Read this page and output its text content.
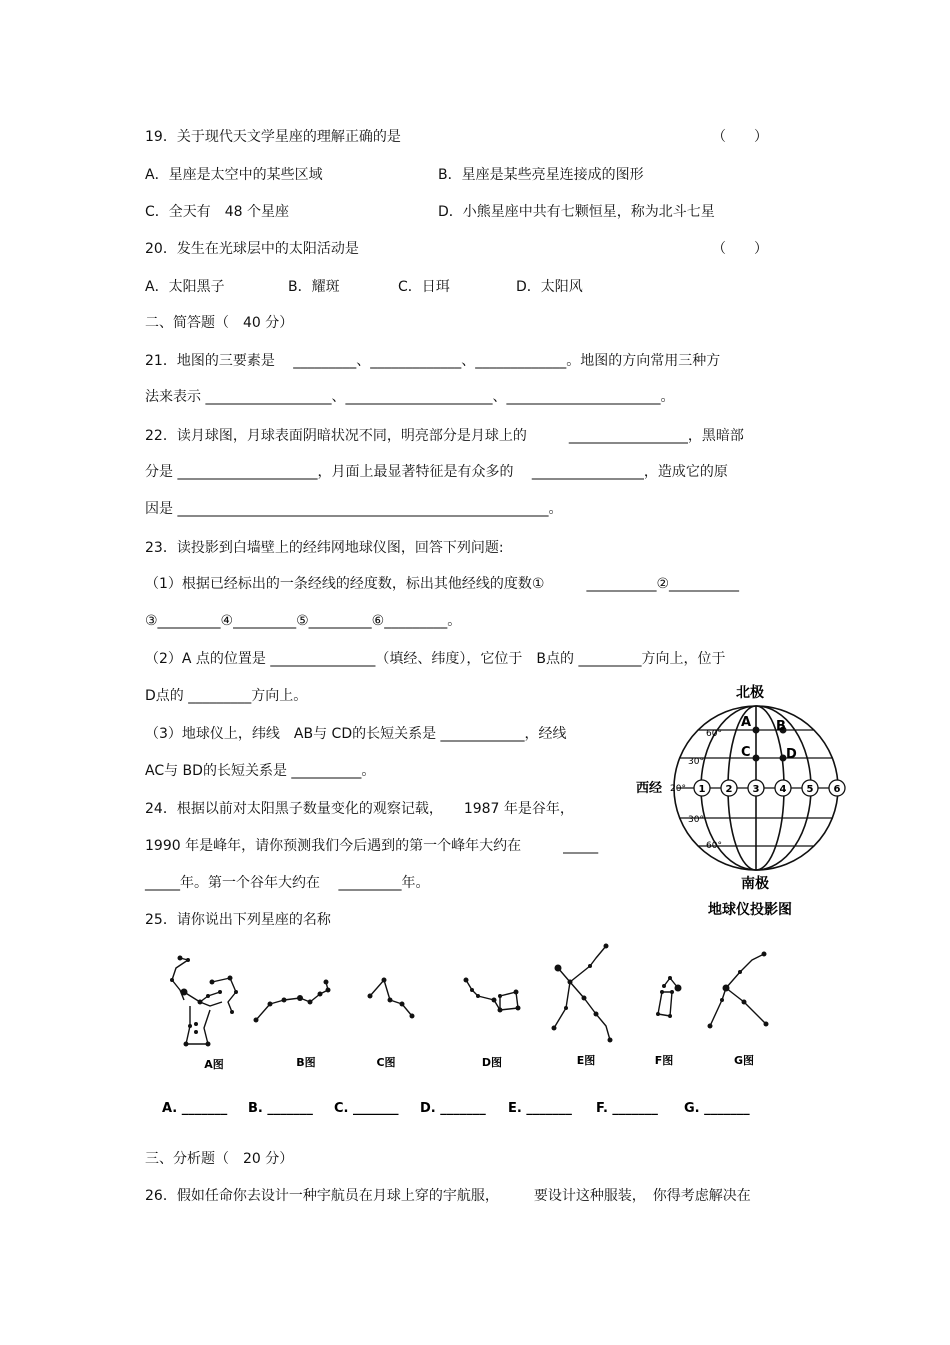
19．关于现代天文学星座的理解正确的是	（　　）
A．星座是太空中的某些区域	B．星座是某些亮星连接成的图形
C．全天有　48 个星座	D．小熊星座中共有七颗恒星，称为北斗七星
20．发生在光球层中的太阳活动是	（　　）
A．太阳黑子	B．耀斑	C．日珥	D．太阳风
二、简答题（　40 分）
21．地图的三要素是　 _________、_____________、_____________。地图的方向常用三种方
法来表示 __________________、_____________________、______________________。
22．读月球图，月球表面阴暗状况不同，明亮部分是月球上的　　　_________________，黑暗部
分是 ____________________，月面上最显著特征是有众多的　 ________________，造成它的原
因是 _____________________________________________________。
23．读投影到白墙壁上的经纬网地球仪图，回答下列问题:
（1）根据已经标出的一条经线的经度数，标出其他经线的度数①　　　__________②__________
③_________④_________⑤_________⑥_________。
（2）A 点的位置是 _______________（填经、纬度），它位于　B点的 _________方向上，位于
D点的 _________方向上。
（3）地球仪上，纬线　AB与 CD的长短关系是 ____________，经线
AC与 BD的长短关系是 __________。
24．根据以前对太阳黑子数量变化的观察记载，　　1987 年是谷年，
1990 年是峰年，请你预测我们今后遇到的第一个峰年大约在　　　_____
_____年。第一个谷年大约在　 _________年。
25．请你说出下列星座的名称
北极
60°
30°
30°
60°
西经 20° 1 2 3 4 5 6
A B
C	D
南极
地球仪投影图
A图	B图	C图	D图	E图	F图	G图
A. _______ B. _______ C. _______ D. _______ E. _______ F. _______ G. _______
三、分析题（　20 分）
26．假如任命你去设计一种宇航员在月球上穿的宇航服，　　　要设计这种服装，　你得考虑解决在
